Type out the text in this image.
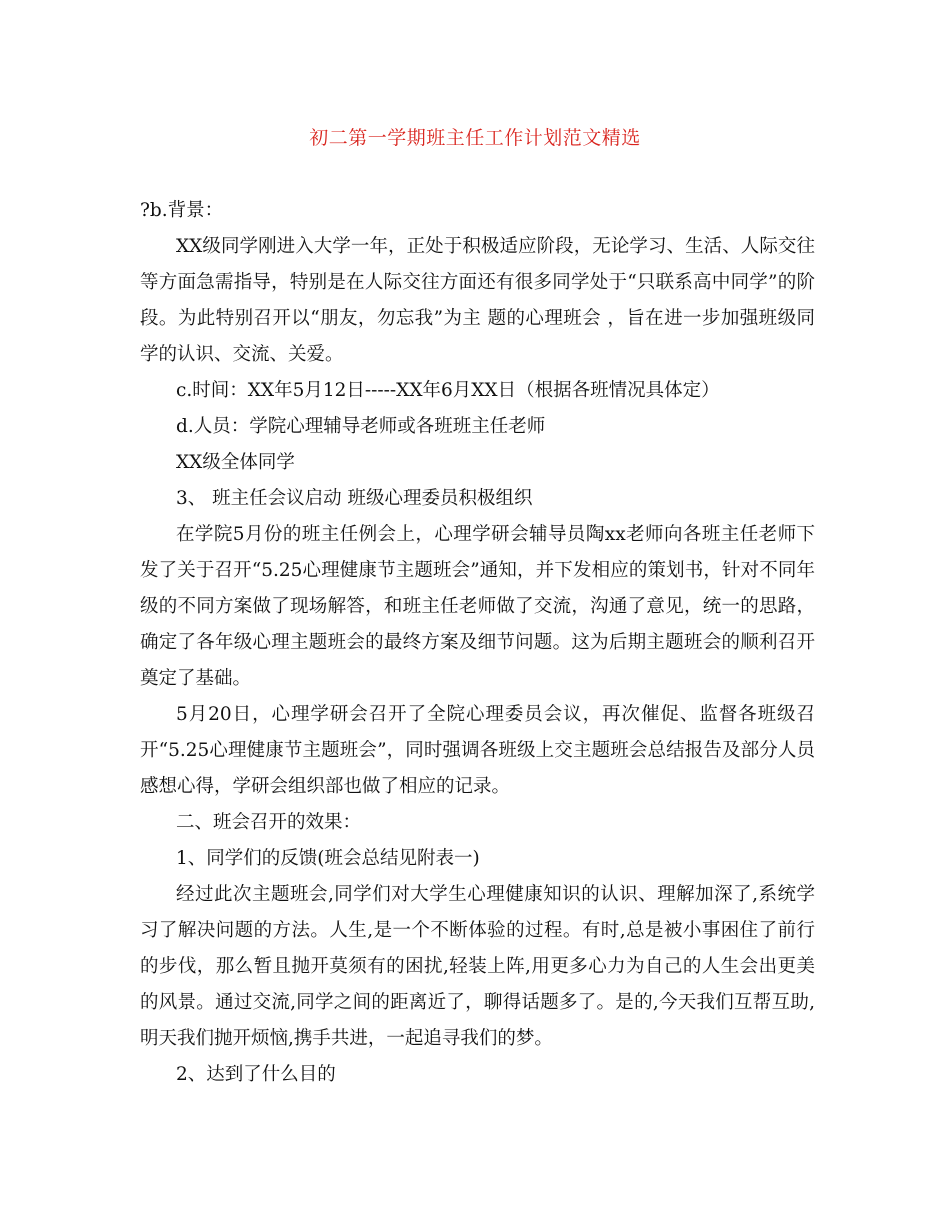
初二第一学期班主任工作计划范文精选

?b.背景：

XX级同学刚进入大学一年，正处于积极适应阶段，无论学习、生活、人际交往等方面急需指导，特别是在人际交往方面还有很多同学处于“只联系高中同学”的阶段。为此特别召开以“朋友，勿忘我”为主 题的心理班会 ，旨在进一步加强班级同学的认识、交流、关爱。

c.时间：XX年5月12日-----XX年6月XX日（根据各班情况具体定）

d.人员：学院心理辅导老师或各班班主任老师

XX级全体同学

3、 班主任会议启动 班级心理委员积极组织

在学院5月份的班主任例会上，心理学研会辅导员陶xx老师向各班主任老师下发了关于召开“5.25心理健康节主题班会”通知，并下发相应的策划书，针对不同年级的不同方案做了现场解答，和班主任老师做了交流，沟通了意见，统一的思路，确定了各年级心理主题班会的最终方案及细节问题。这为后期主题班会的顺利召开奠定了基础。

5月20日，心理学研会召开了全院心理委员会议，再次催促、监督各班级召开“5.25心理健康节主题班会”，同时强调各班级上交主题班会总结报告及部分人员感想心得，学研会组织部也做了相应的记录。

二、班会召开的效果：

1、同学们的反馈(班会总结见附表一)

经过此次主题班会,同学们对大学生心理健康知识的认识、理解加深了,系统学习了解决问题的方法。人生,是一个不断体验的过程。有时,总是被小事困住了前行的步伐，那么暂且抛开莫须有的困扰,轻装上阵,用更多心力为自己的人生会出更美的风景。通过交流,同学之间的距离近了，聊得话题多了。是的,今天我们互帮互助,明天我们抛开烦恼,携手共进，一起追寻我们的梦。

2、达到了什么目的
